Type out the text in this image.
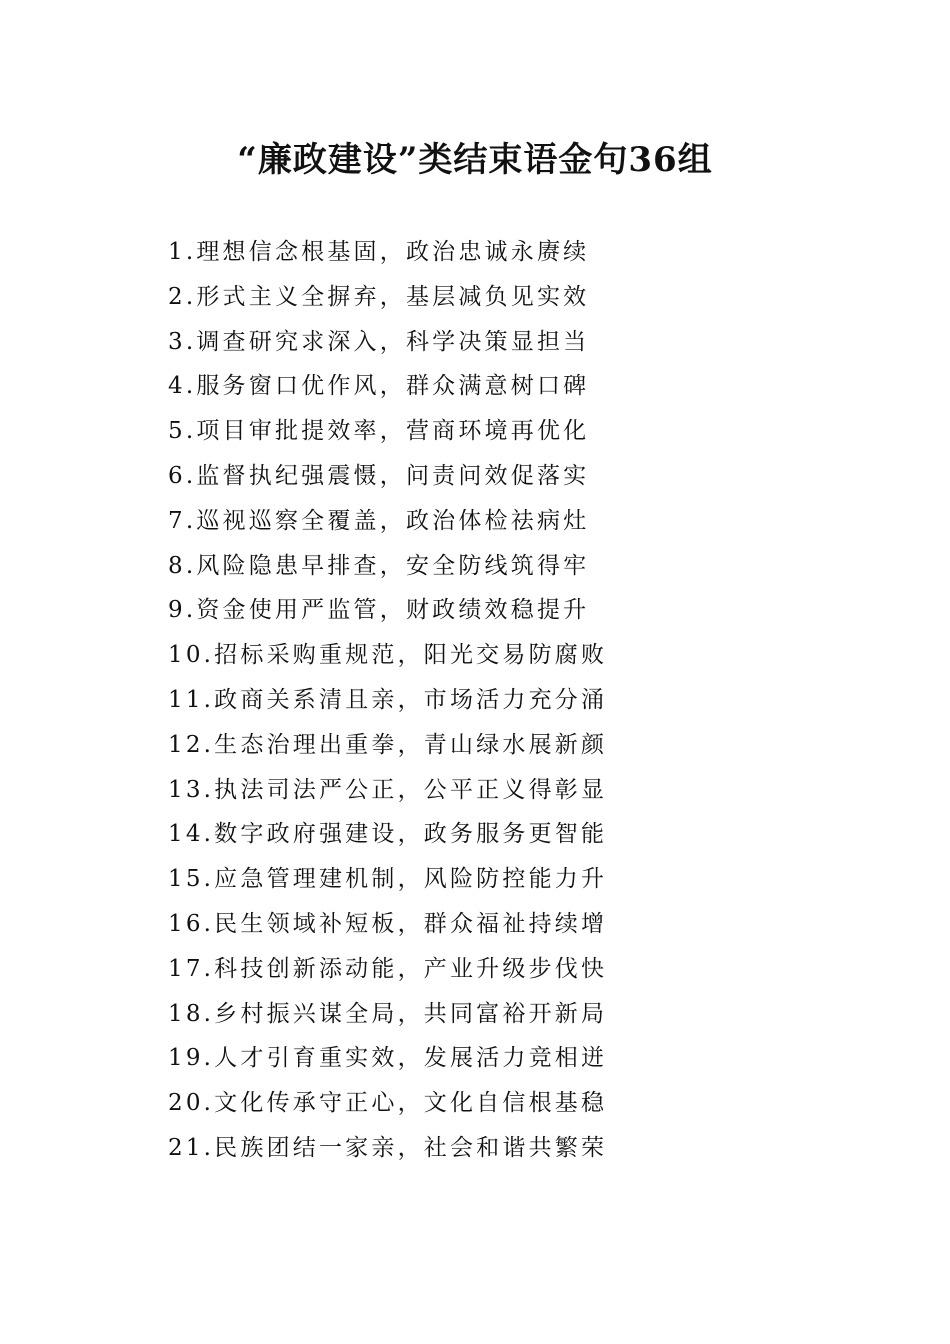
“廉政建设”类结束语金句36组
1.理想信念根基固，政治忠诚永赓续
2.形式主义全摒弃，基层减负见实效
3.调查研究求深入，科学决策显担当
4.服务窗口优作风，群众满意树口碑
5.项目审批提效率，营商环境再优化
6.监督执纪强震慑，问责问效促落实
7.巡视巡察全覆盖，政治体检祛病灶
8.风险隐患早排查，安全防线筑得牢
9.资金使用严监管，财政绩效稳提升
10.招标采购重规范，阳光交易防腐败
11.政商关系清且亲，市场活力充分涌
12.生态治理出重拳，青山绿水展新颜
13.执法司法严公正，公平正义得彰显
14.数字政府强建设，政务服务更智能
15.应急管理建机制，风险防控能力升
16.民生领域补短板，群众福祉持续增
17.科技创新添动能，产业升级步伐快
18.乡村振兴谋全局，共同富裕开新局
19.人才引育重实效，发展活力竞相迸
20.文化传承守正心，文化自信根基稳
21.民族团结一家亲，社会和谐共繁荣
